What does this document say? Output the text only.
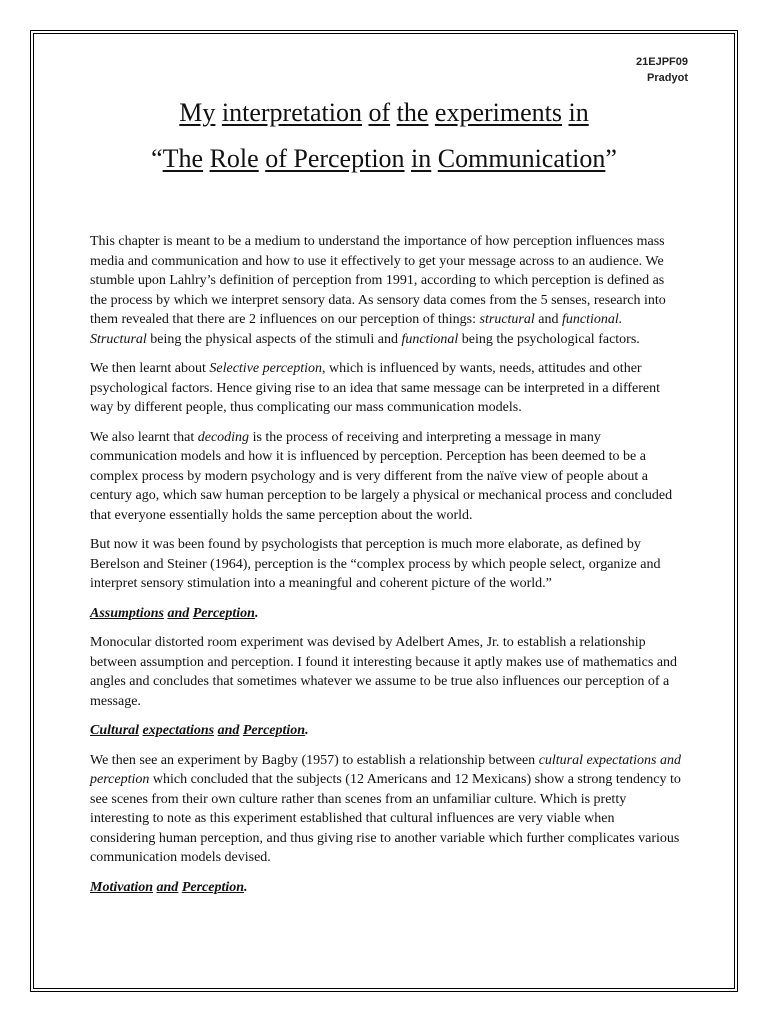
21EJPF09
Pradyot
My interpretation of the experiments in
“The Role of Perception in Communication”

This chapter is meant to be a medium to understand the importance of how perception influences mass media and communication and how to use it effectively to get your message across to an audience. We stumble upon Lahlry’s definition of perception from 1991, according to which perception is defined as the process by which we interpret sensory data. As sensory data comes from the 5 senses, research into them revealed that there are 2 influences on our perception of things: structural and functional. Structural being the physical aspects of the stimuli and functional being the psychological factors.

We then learnt about Selective perception, which is influenced by wants, needs, attitudes and other psychological factors. Hence giving rise to an idea that same message can be interpreted in a different way by different people, thus complicating our mass communication models.

We also learnt that decoding is the process of receiving and interpreting a message in many communication models and how it is influenced by perception. Perception has been deemed to be a complex process by modern psychology and is very different from the naïve view of people about a century ago, which saw human perception to be largely a physical or mechanical process and concluded that everyone essentially holds the same perception about the world.

But now it was been found by psychologists that perception is much more elaborate, as defined by Berelson and Steiner (1964), perception is the “complex process by which people select, organize and interpret sensory stimulation into a meaningful and coherent picture of the world.”

Assumptions and Perception.

Monocular distorted room experiment was devised by Adelbert Ames, Jr. to establish a relationship between assumption and perception. I found it interesting because it aptly makes use of mathematics and angles and concludes that sometimes whatever we assume to be true also influences our perception of a message.

Cultural expectations and Perception.

We then see an experiment by Bagby (1957) to establish a relationship between cultural expectations and perception which concluded that the subjects (12 Americans and 12 Mexicans) show a strong tendency to see scenes from their own culture rather than scenes from an unfamiliar culture. Which is pretty interesting to note as this experiment established that cultural influences are very viable when considering human perception, and thus giving rise to another variable which further complicates various communication models devised.

Motivation and Perception.
